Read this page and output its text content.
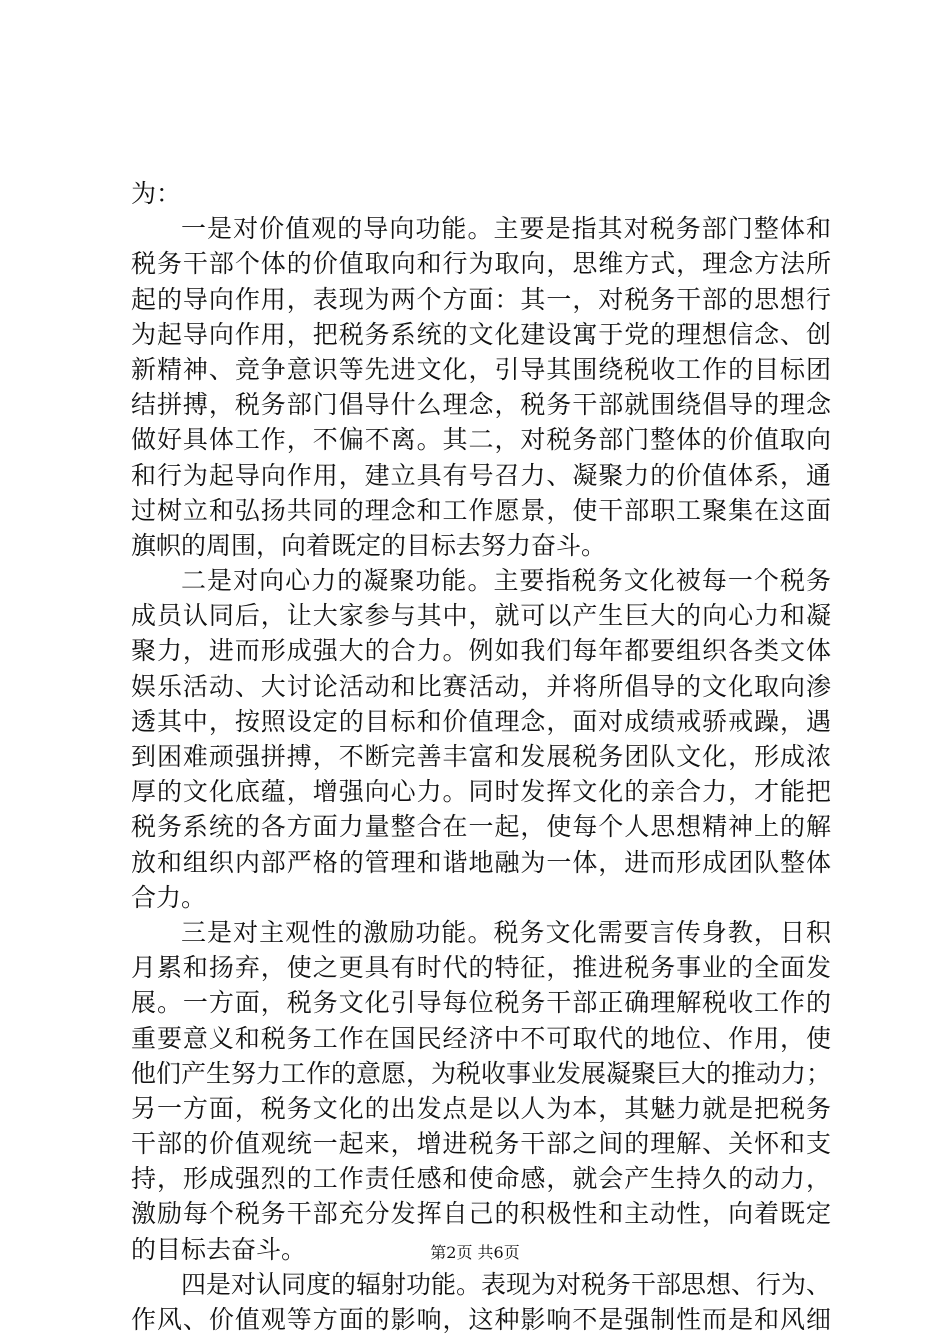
为：
一是对价值观的导向功能。主要是指其对税务部门整体和
税务干部个体的价值取向和行为取向，思维方式，理念方法所
起的导向作用，表现为两个方面：其一，对税务干部的思想行
为起导向作用，把税务系统的文化建设寓于党的理想信念、创
新精神、竞争意识等先进文化，引导其围绕税收工作的目标团
结拼搏，税务部门倡导什么理念，税务干部就围绕倡导的理念
做好具体工作，不偏不离。其二，对税务部门整体的价值取向
和行为起导向作用，建立具有号召力、凝聚力的价值体系，通
过树立和弘扬共同的理念和工作愿景，使干部职工聚集在这面
旗帜的周围，向着既定的目标去努力奋斗。
二是对向心力的凝聚功能。主要指税务文化被每一个税务
成员认同后，让大家参与其中，就可以产生巨大的向心力和凝
聚力，进而形成强大的合力。例如我们每年都要组织各类文体
娱乐活动、大讨论活动和比赛活动，并将所倡导的文化取向渗
透其中，按照设定的目标和价值理念，面对成绩戒骄戒躁，遇
到困难顽强拼搏，不断完善丰富和发展税务团队文化，形成浓
厚的文化底蕴，增强向心力。同时发挥文化的亲合力，才能把
税务系统的各方面力量整合在一起，使每个人思想精神上的解
放和组织内部严格的管理和谐地融为一体，进而形成团队整体
合力。
三是对主观性的激励功能。税务文化需要言传身教，日积
月累和扬弃，使之更具有时代的特征，推进税务事业的全面发
展。一方面，税务文化引导每位税务干部正确理解税收工作的
重要意义和税务工作在国民经济中不可取代的地位、作用，使
他们产生努力工作的意愿，为税收事业发展凝聚巨大的推动力；
另一方面，税务文化的出发点是以人为本，其魅力就是把税务
干部的价值观统一起来，增进税务干部之间的理解、关怀和支
持，形成强烈的工作责任感和使命感，就会产生持久的动力，
激励每个税务干部充分发挥自己的积极性和主动性，向着既定
的目标去奋斗。
四是对认同度的辐射功能。表现为对税务干部思想、行为、
作风、价值观等方面的影响，这种影响不是强制性而是和风细
第2页 共6页
